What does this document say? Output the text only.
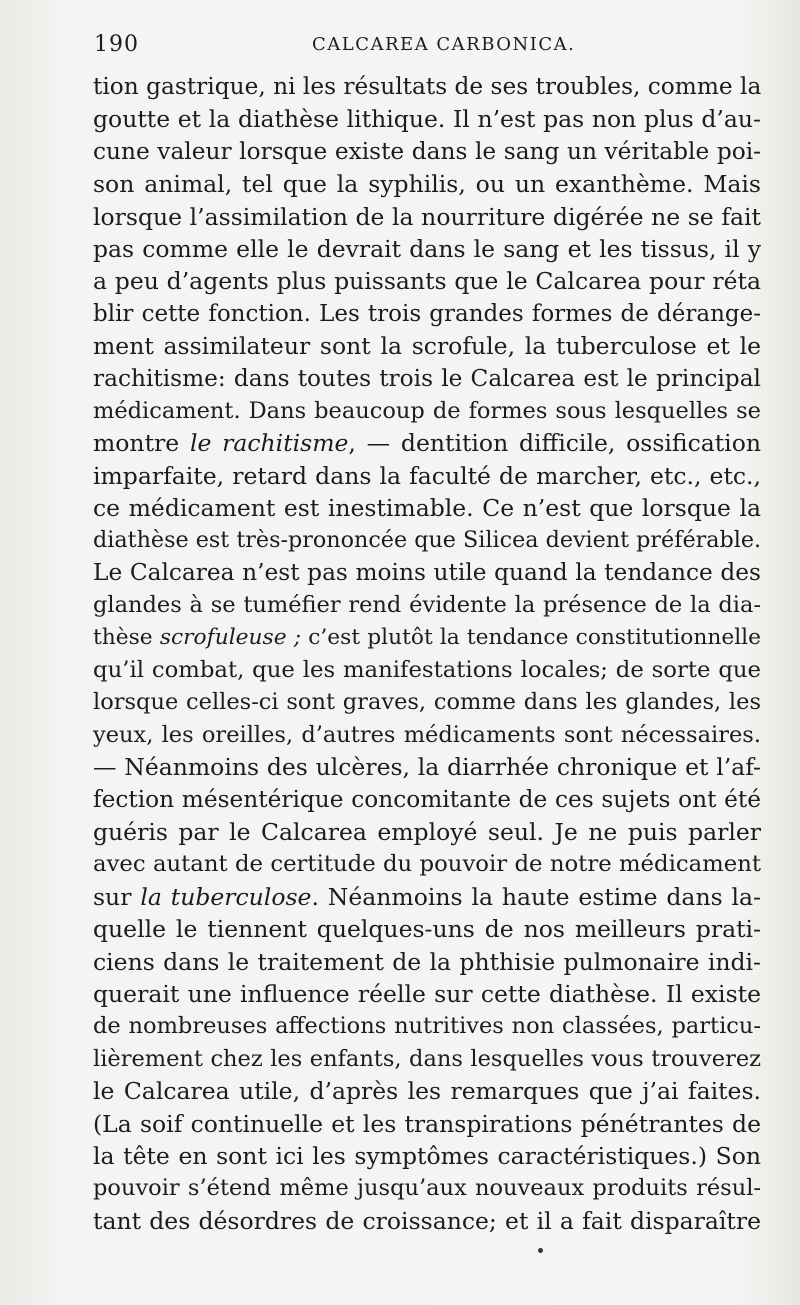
190	CALCAREA CARBONICA.
tion gastrique, ni les résultats de ses troubles, comme la
goutte et la diathèse lithique. Il n’est pas non plus d’au-
cune valeur lorsque existe dans le sang un véritable poi-
son animal, tel que la syphilis, ou un exanthème. Mais
lorsque l’assimilation de la nourriture digérée ne se fait
pas comme elle le devrait dans le sang et les tissus, il y
a peu d’agents plus puissants que le Calcarea pour réta
blir cette fonction. Les trois grandes formes de dérange-
ment assimilateur sont la scrofule, la tuberculose et le
rachitisme: dans toutes trois le Calcarea est le principal
médicament. Dans beaucoup de formes sous lesquelles se
montre le rachitisme, — dentition difficile, ossification
imparfaite, retard dans la faculté de marcher, etc., etc.,
ce médicament est inestimable. Ce n’est que lorsque la
diathèse est très-prononcée que Silicea devient préférable.
Le Calcarea n’est pas moins utile quand la tendance des
glandes à se tuméfier rend évidente la présence de la dia-
thèse scrofuleuse ; c’est plutôt la tendance constitutionnelle
qu’il combat, que les manifestations locales; de sorte que
lorsque celles-ci sont graves, comme dans les glandes, les
yeux, les oreilles, d’autres médicaments sont nécessaires.
— Néanmoins des ulcères, la diarrhée chronique et l’af-
fection mésentérique concomitante de ces sujets ont été
guéris par le Calcarea employé seul. Je ne puis parler
avec autant de certitude du pouvoir de notre médicament
sur la tuberculose. Néanmoins la haute estime dans la-
quelle le tiennent quelques-uns de nos meilleurs prati-
ciens dans le traitement de la phthisie pulmonaire indi-
querait une influence réelle sur cette diathèse. Il existe
de nombreuses affections nutritives non classées, particu-
lièrement chez les enfants, dans lesquelles vous trouverez
le Calcarea utile, d’après les remarques que j’ai faites.
(La soif continuelle et les transpirations pénétrantes de
la tête en sont ici les symptômes caractéristiques.) Son
pouvoir s’étend même jusqu’aux nouveaux produits résul-
tant des désordres de croissance; et il a fait disparaître
